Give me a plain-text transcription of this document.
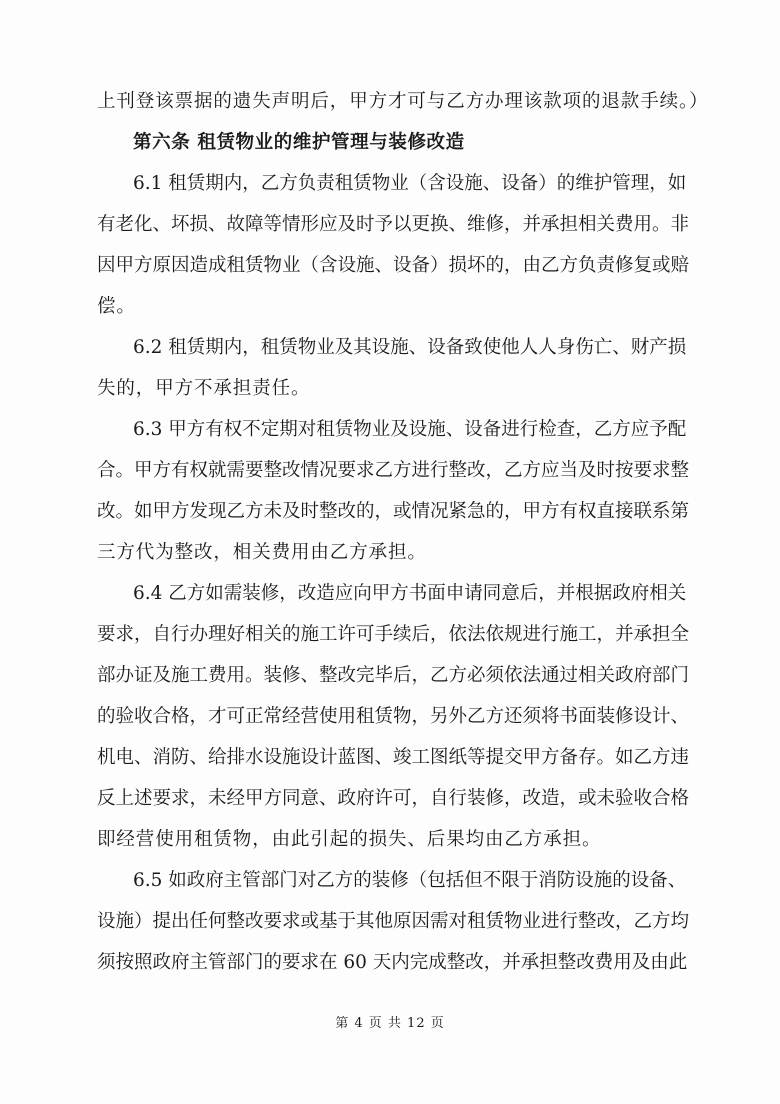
上刊登该票据的遗失声明后，甲方才可与乙方办理该款项的退款手续。）
第六条 租赁物业的维护管理与装修改造
6.1 租赁期内，乙方负责租赁物业（含设施、设备）的维护管理，如
有老化、坏损、故障等情形应及时予以更换、维修，并承担相关费用。非
因甲方原因造成租赁物业（含设施、设备）损坏的，由乙方负责修复或赔
偿。
6.2 租赁期内，租赁物业及其设施、设备致使他人人身伤亡、财产损
失的，甲方不承担责任。
6.3 甲方有权不定期对租赁物业及设施、设备进行检查，乙方应予配
合。甲方有权就需要整改情况要求乙方进行整改，乙方应当及时按要求整
改。如甲方发现乙方未及时整改的，或情况紧急的，甲方有权直接联系第
三方代为整改，相关费用由乙方承担。
6.4 乙方如需装修，改造应向甲方书面申请同意后，并根据政府相关
要求，自行办理好相关的施工许可手续后，依法依规进行施工，并承担全
部办证及施工费用。装修、整改完毕后，乙方必须依法通过相关政府部门
的验收合格，才可正常经营使用租赁物，另外乙方还须将书面装修设计、
机电、消防、给排水设施设计蓝图、竣工图纸等提交甲方备存。如乙方违
反上述要求，未经甲方同意、政府许可，自行装修，改造，或未验收合格
即经营使用租赁物，由此引起的损失、后果均由乙方承担。
6.5 如政府主管部门对乙方的装修（包括但不限于消防设施的设备、
设施）提出任何整改要求或基于其他原因需对租赁物业进行整改，乙方均
须按照政府主管部门的要求在 60 天内完成整改，并承担整改费用及由此
第 4 页 共 12 页
